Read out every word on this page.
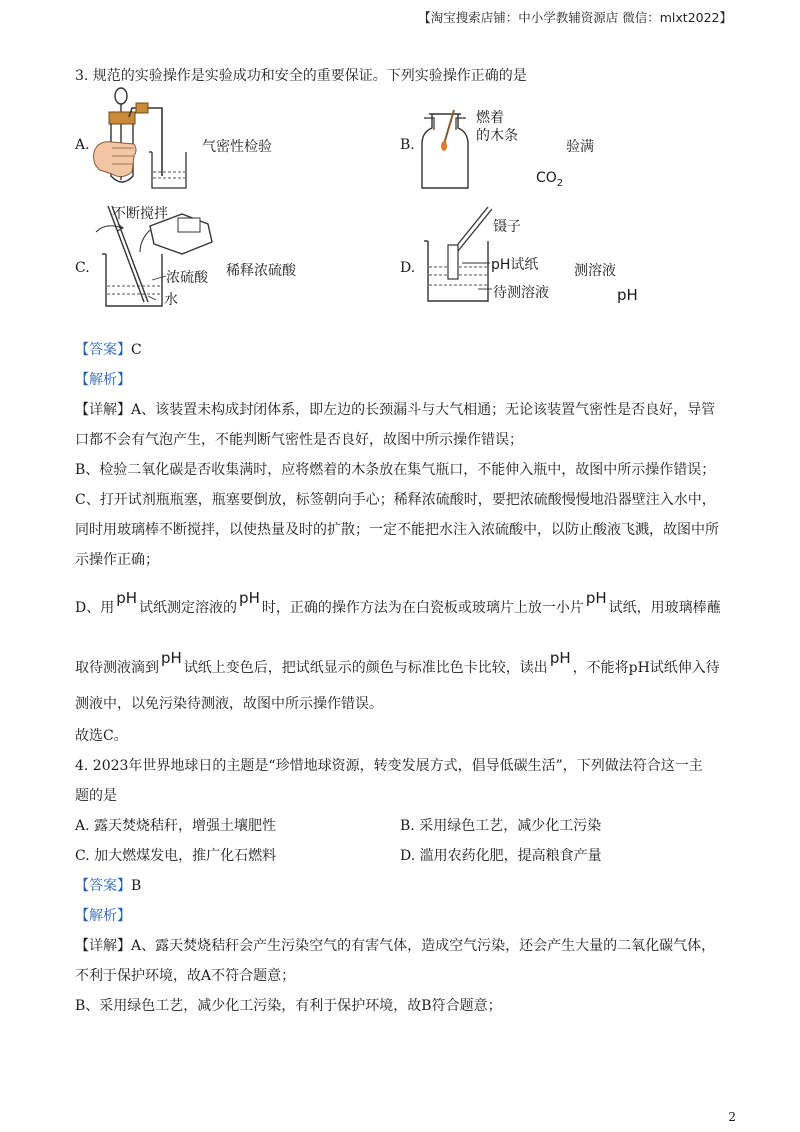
【淘宝搜索店铺：中小学教辅资源店 微信：mlxt2022】
3. 规范的实验操作是实验成功和安全的重要保证。下列实验操作正确的是
A.	气密性检验	B.
燃着
的木条
验满
$CO_2$
C.
不断搅拌
浓硫酸
水
稀释浓硫酸	D.
镊子
pH试纸
待测溶液
测溶液
pH
【答案】C
【解析】
【详解】A、该装置未构成封闭体系，即左边的长颈漏斗与大气相通；无论该装置气密性是否良好，导管
口都不会有气泡产生，不能判断气密性是否良好，故图中所示操作错误；
B、检验二氧化碳是否收集满时，应将燃着的木条放在集气瓶口，不能伸入瓶中，故图中所示操作错误；
C、打开试剂瓶瓶塞，瓶塞要倒放，标签朝向手心；稀释浓硫酸时，要把浓硫酸慢慢地沿器壁注入水中，
同时用玻璃棒不断搅拌，以使热量及时的扩散；一定不能把水注入浓硫酸中，以防止酸液飞溅，故图中所
示操作正确；
D、用pH试纸测定溶液的pH时，正确的操作方法为在白瓷板或玻璃片上放一小片pH试纸，用玻璃棒蘸
取待测液滴到pH试纸上变色后，把试纸显示的颜色与标准比色卡比较，读出pH，不能将pH试纸伸入待
测液中，以免污染待测液，故图中所示操作错误。
故选C。
4. 2023年世界地球日的主题是“珍惜地球资源，转变发展方式，倡导低碳生活”，下列做法符合这一主
题的是
A. 露天焚烧秸秆，增强土壤肥性	B. 采用绿色工艺，减少化工污染
C. 加大燃煤发电，推广化石燃料	D. 滥用农药化肥，提高粮食产量
【答案】B
【解析】
【详解】A、露天焚烧秸秆会产生污染空气的有害气体，造成空气污染，还会产生大量的二氧化碳气体，
不利于保护环境，故A不符合题意；
B、采用绿色工艺，减少化工污染，有利于保护环境，故B符合题意；
2
